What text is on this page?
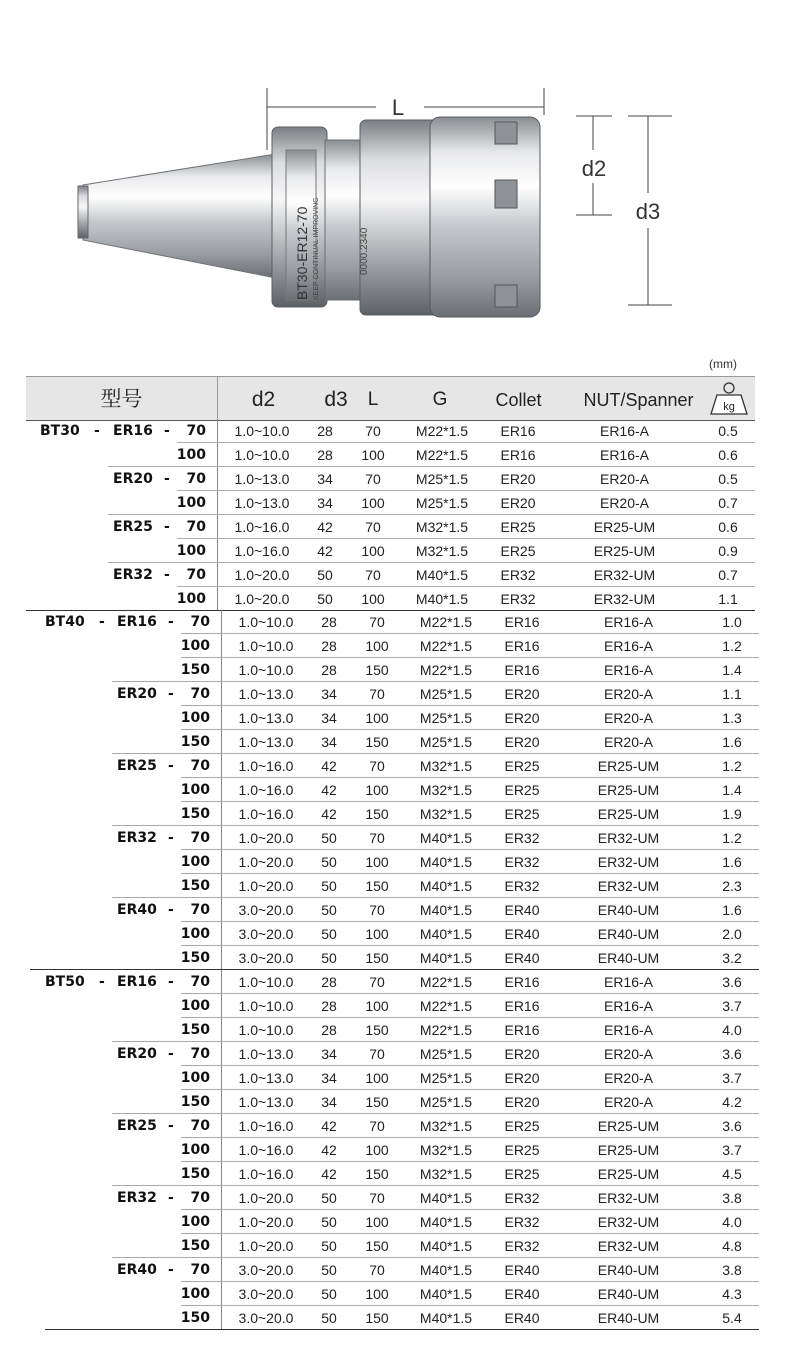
BT30-ER12-70 KEEP CONTINUAL IMPROVING	0000.2340
L
d2
d3
(mm)
型号	d2	d3	L	G	Collet	NUT/Spanner	kg
BT30 - ER16 - 70	1.0~10.0	28	70	M22*1.5	ER16	ER16-A	0.5
100	1.0~10.0	28	100	M22*1.5	ER16	ER16-A	0.6
ER20 - 70	1.0~13.0	34	70	M25*1.5	ER20	ER20-A	0.5
100	1.0~13.0	34	100	M25*1.5	ER20	ER20-A	0.7
ER25 - 70	1.0~16.0	42	70	M32*1.5	ER25	ER25-UM	0.6
100	1.0~16.0	42	100	M32*1.5	ER25	ER25-UM	0.9
ER32 - 70	1.0~20.0	50	70	M40*1.5	ER32	ER32-UM	0.7
100	1.0~20.0	50	100	M40*1.5	ER32	ER32-UM	1.1
BT40 - ER16 - 70	1.0~10.0	28	70	M22*1.5	ER16	ER16-A	1.0
100	1.0~10.0	28	100	M22*1.5	ER16	ER16-A	1.2
150	1.0~10.0	28	150	M22*1.5	ER16	ER16-A	1.4
ER20 - 70	1.0~13.0	34	70	M25*1.5	ER20	ER20-A	1.1
100	1.0~13.0	34	100	M25*1.5	ER20	ER20-A	1.3
150	1.0~13.0	34	150	M25*1.5	ER20	ER20-A	1.6
ER25 - 70	1.0~16.0	42	70	M32*1.5	ER25	ER25-UM	1.2
100	1.0~16.0	42	100	M32*1.5	ER25	ER25-UM	1.4
150	1.0~16.0	42	150	M32*1.5	ER25	ER25-UM	1.9
ER32 - 70	1.0~20.0	50	70	M40*1.5	ER32	ER32-UM	1.2
100	1.0~20.0	50	100	M40*1.5	ER32	ER32-UM	1.6
150	1.0~20.0	50	150	M40*1.5	ER32	ER32-UM	2.3
ER40 - 70	3.0~20.0	50	70	M40*1.5	ER40	ER40-UM	1.6
100	3.0~20.0	50	100	M40*1.5	ER40	ER40-UM	2.0
150	3.0~20.0	50	150	M40*1.5	ER40	ER40-UM	3.2
BT50 - ER16 - 70	1.0~10.0	28	70	M22*1.5	ER16	ER16-A	3.6
100	1.0~10.0	28	100	M22*1.5	ER16	ER16-A	3.7
150	1.0~10.0	28	150	M22*1.5	ER16	ER16-A	4.0
ER20 - 70	1.0~13.0	34	70	M25*1.5	ER20	ER20-A	3.6
100	1.0~13.0	34	100	M25*1.5	ER20	ER20-A	3.7
150	1.0~13.0	34	150	M25*1.5	ER20	ER20-A	4.2
ER25 - 70	1.0~16.0	42	70	M32*1.5	ER25	ER25-UM	3.6
100	1.0~16.0	42	100	M32*1.5	ER25	ER25-UM	3.7
150	1.0~16.0	42	150	M32*1.5	ER25	ER25-UM	4.5
ER32 - 70	1.0~20.0	50	70	M40*1.5	ER32	ER32-UM	3.8
100	1.0~20.0	50	100	M40*1.5	ER32	ER32-UM	4.0
150	1.0~20.0	50	150	M40*1.5	ER32	ER32-UM	4.8
ER40 - 70	3.0~20.0	50	70	M40*1.5	ER40	ER40-UM	3.8
100	3.0~20.0	50	100	M40*1.5	ER40	ER40-UM	4.3
150	3.0~20.0	50	150	M40*1.5	ER40	ER40-UM	5.4
